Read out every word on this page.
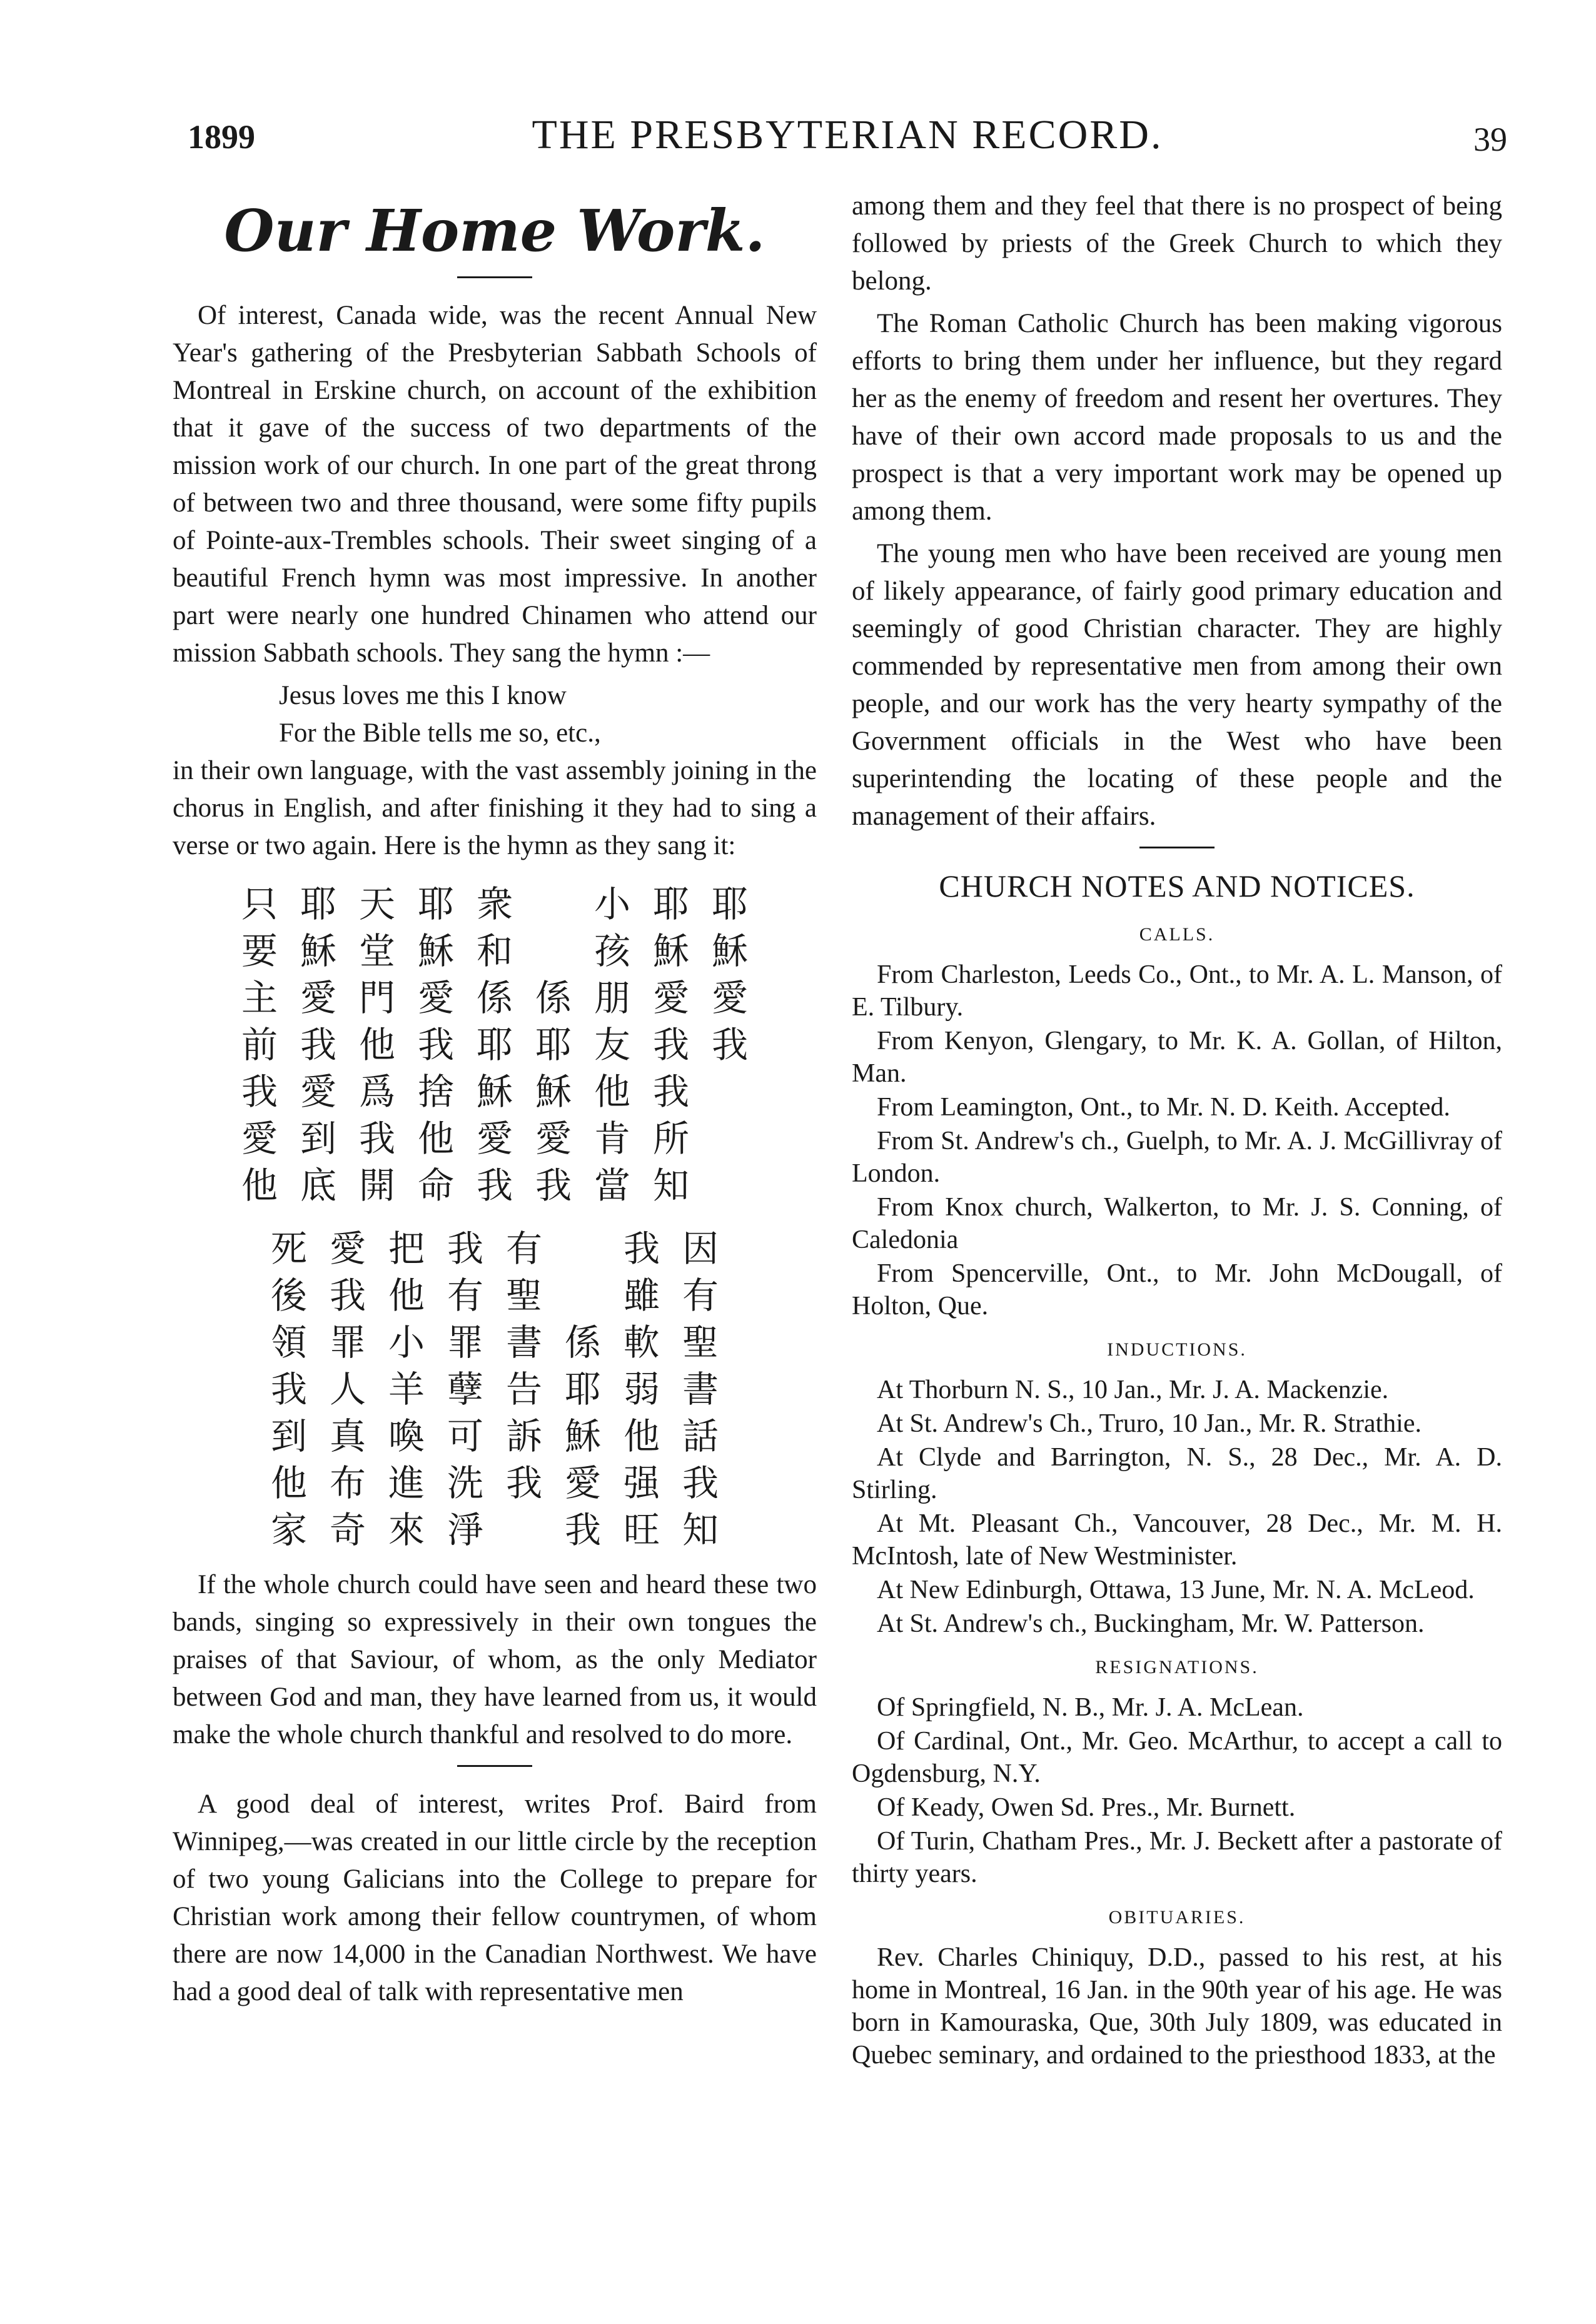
1899	THE PRESBYTERIAN RECORD.	39
Our Home Work.

Of interest, Canada wide, was the recent Annual New Year's gathering of the Presbyterian Sabbath Schools of Montreal in Erskine church, on account of the exhibition that it gave of the success of two departments of the mission work of our church. In one part of the great throng of between two and three thousand, were some fifty pupils of Pointe-aux-Trembles schools. Their sweet singing of a beautiful French hymn was most impressive. In another part were nearly one hundred Chinamen who attend our mission Sabbath schools. They sang the hymn :—

Jesus loves me this I know

For the Bible tells me so, etc.,

in their own language, with the vast assembly joining in the chorus in English, and after finishing it they had to sing a verse or two again. Here is the hymn as they sang it:

耶
穌
愛
我
耶
穌
愛
我
我
所
知
小
孩
朋
友
他
肯
當
係
耶
穌
愛
我
衆
和
係
耶
穌
愛
我
耶
穌
愛
我
捨
他
命
天
堂
門
他
爲
我
開
耶
穌
愛
我
愛
到
底
只
要
主
前
我
愛
他
因
有
聖
書
話
我
知
我
雖
軟
弱
他
强
旺
係
耶
穌
愛
我
有
聖
書
告
訴
我
我
有
罪
孽
可
洗
淨
把
他
小
羊
喚
進
來
愛
我
罪
人
真
布
奇
死
後
領
我
到
他
家

If the whole church could have seen and heard these two bands, singing so expressively in their own tongues the praises of that Saviour, of whom, as the only Mediator between God and man, they have learned from us, it would make the whole church thankful and resolved to do more.

A good deal of interest, writes Prof. Baird from Winnipeg,—was created in our little circle by the reception of two young Galicians into the College to prepare for Christian work among their fellow countrymen, of whom there are now 14,000 in the Canadian Northwest. We have had a good deal of talk with representative men

among them and they feel that there is no prospect of being followed by priests of the Greek Church to which they belong.

The Roman Catholic Church has been making vigorous efforts to bring them under her influence, but they regard her as the enemy of freedom and resent her overtures. They have of their own accord made proposals to us and the prospect is that a very important work may be opened up among them.

The young men who have been received are young men of likely appearance, of fairly good primary education and seemingly of good Christian character. They are highly commended by representative men from among their own people, and our work has the very hearty sympathy of the Government officials in the West who have been superintending the locating of these people and the management of their affairs.

CHURCH NOTES AND NOTICES.
CALLS.

From Charleston, Leeds Co., Ont., to Mr. A. L. Manson, of E. Tilbury.

From Kenyon, Glengary, to Mr. K. A. Gollan, of Hilton, Man.

From Leamington, Ont., to Mr. N. D. Keith. Accepted.

From St. Andrew's ch., Guelph, to Mr. A. J. McGillivray of London.

From Knox church, Walkerton, to Mr. J. S. Conning, of Caledonia

From Spencerville, Ont., to Mr. John McDougall, of Holton, Que.

INDUCTIONS.

At Thorburn N. S., 10 Jan., Mr. J. A. Mackenzie.

At St. Andrew's Ch., Truro, 10 Jan., Mr. R. Strathie.

At Clyde and Barrington, N. S., 28 Dec., Mr. A. D. Stirling.

At Mt. Pleasant Ch., Vancouver, 28 Dec., Mr. M. H. McIntosh, late of New Westminister.

At New Edinburgh, Ottawa, 13 June, Mr. N. A. McLeod.

At St. Andrew's ch., Buckingham, Mr. W. Patterson.

RESIGNATIONS.

Of Springfield, N. B., Mr. J. A. McLean.

Of Cardinal, Ont., Mr. Geo. McArthur, to accept a call to Ogdensburg, N.Y.

Of Keady, Owen Sd. Pres., Mr. Burnett.

Of Turin, Chatham Pres., Mr. J. Beckett after a pastorate of thirty years.

OBITUARIES.

Rev. Charles Chiniquy, D.D., passed to his rest, at his home in Montreal, 16 Jan. in the 90th year of his age. He was born in Kamouraska, Que, 30th July 1809, was educated in Quebec seminary, and ordained to the priesthood 1833, at the
